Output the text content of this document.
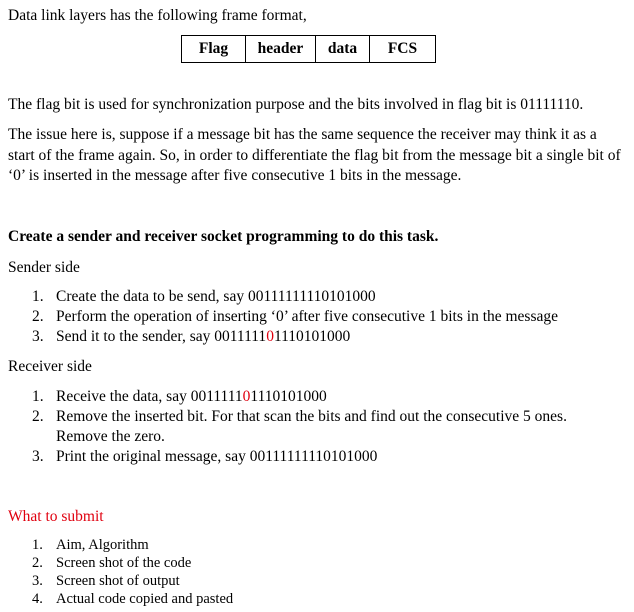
Data link layers has the following frame format,
Flag	header	data	FCS
The flag bit is used for synchronization purpose and the bits involved in flag bit is 01111110.
The issue here is, suppose if a message bit has the same sequence the receiver may think it as a start of the frame again. So, in order to differentiate the flag bit from the message bit a single bit of ‘0’ is inserted in the message after five consecutive 1 bits in the message.
Create a sender and receiver socket programming to do this task.
Sender side
1. Create the data to be send, say 00111111110101000
2. Perform the operation of inserting ‘0’ after five consecutive 1 bits in the message
3. Send it to the sender, say 001111101110101000
Receiver side
1. Receive the data, say 001111101110101000
2. Remove the inserted bit. For that scan the bits and find out the consecutive 5 ones.
Remove the zero.
3. Print the original message, say 00111111110101000
What to submit
1. Aim, Algorithm
2. Screen shot of the code
3. Screen shot of output
4. Actual code copied and pasted
